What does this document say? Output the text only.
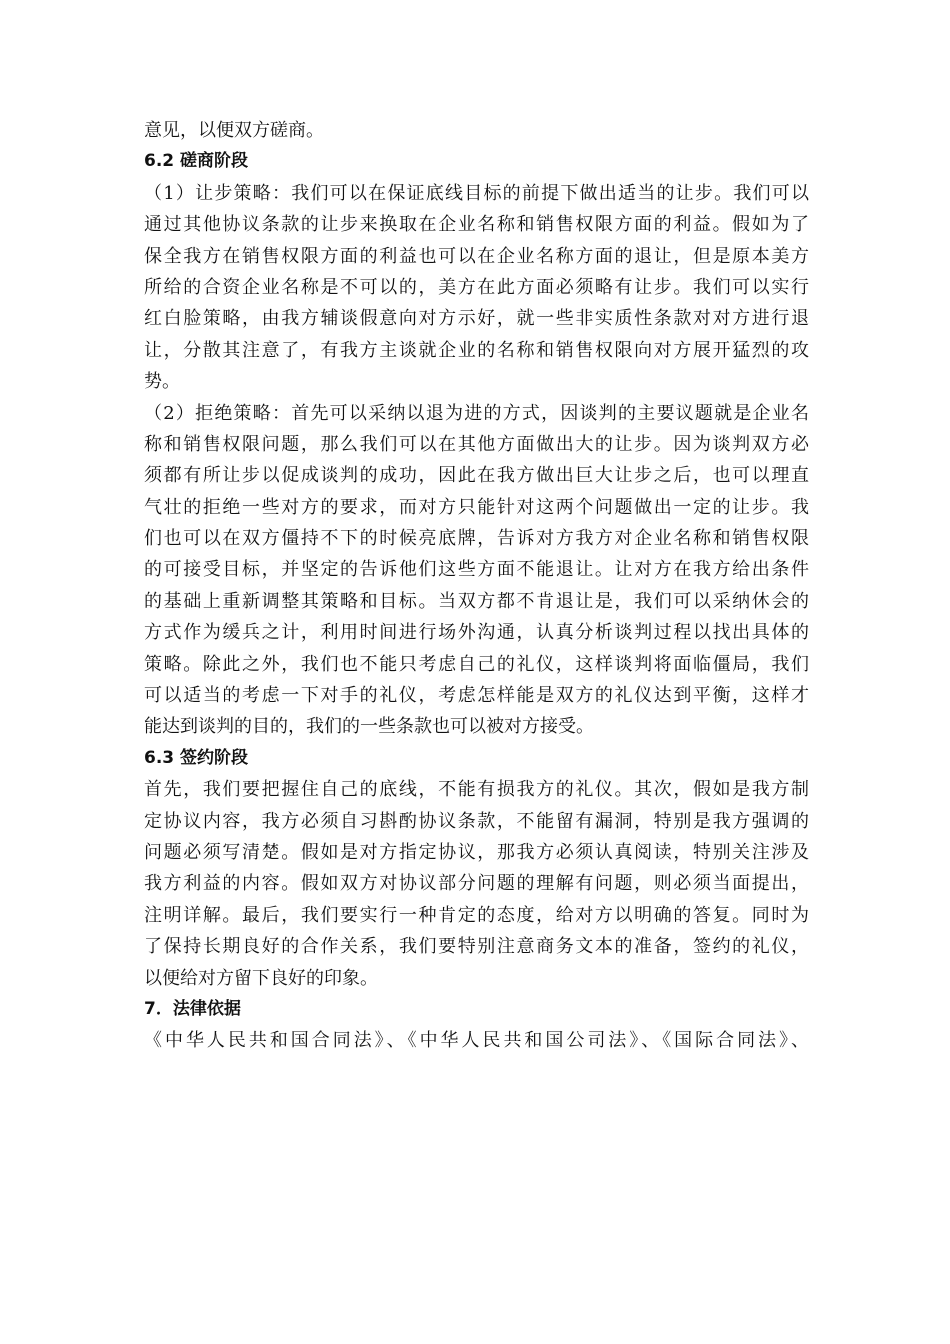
意见，以便双方磋商。
6.2 磋商阶段
（1）让步策略：我们可以在保证底线目标的前提下做出适当的让步。我们可以
通过其他协议条款的让步来换取在企业名称和销售权限方面的利益。假如为了
保全我方在销售权限方面的利益也可以在企业名称方面的退让，但是原本美方
所给的合资企业名称是不可以的，美方在此方面必须略有让步。我们可以实行
红白脸策略，由我方辅谈假意向对方示好，就一些非实质性条款对对方进行退
让，分散其注意了，有我方主谈就企业的名称和销售权限向对方展开猛烈的攻
势。
（2）拒绝策略：首先可以采纳以退为进的方式，因谈判的主要议题就是企业名
称和销售权限问题，那么我们可以在其他方面做出大的让步。因为谈判双方必
须都有所让步以促成谈判的成功，因此在我方做出巨大让步之后，也可以理直
气壮的拒绝一些对方的要求，而对方只能针对这两个问题做出一定的让步。我
们也可以在双方僵持不下的时候亮底牌，告诉对方我方对企业名称和销售权限
的可接受目标，并坚定的告诉他们这些方面不能退让。让对方在我方给出条件
的基础上重新调整其策略和目标。当双方都不肯退让是，我们可以采纳休会的
方式作为缓兵之计，利用时间进行场外沟通，认真分析谈判过程以找出具体的
策略。除此之外，我们也不能只考虑自己的礼仪，这样谈判将面临僵局，我们
可以适当的考虑一下对手的礼仪，考虑怎样能是双方的礼仪达到平衡，这样才
能达到谈判的目的，我们的一些条款也可以被对方接受。
6.3 签约阶段
首先，我们要把握住自己的底线，不能有损我方的礼仪。其次，假如是我方制
定协议内容，我方必须自习斟酌协议条款，不能留有漏洞，特别是我方强调的
问题必须写清楚。假如是对方指定协议，那我方必须认真阅读，特别关注涉及
我方利益的内容。假如双方对协议部分问题的理解有问题，则必须当面提出，
注明详解。最后，我们要实行一种肯定的态度，给对方以明确的答复。同时为
了保持长期良好的合作关系，我们要特别注意商务文本的准备，签约的礼仪，
以便给对方留下良好的印象。
7．法律依据
《中华人民共和国合同法》、《中华人民共和国公司法》、《国际合同法》、
